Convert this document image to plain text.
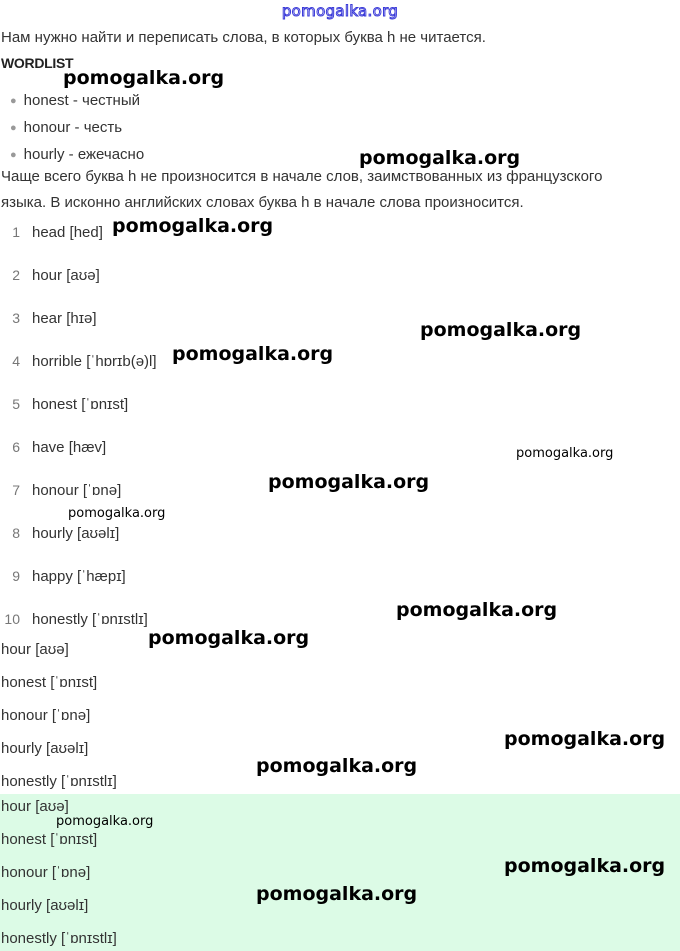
pomogalka.org
Нам нужно найти и переписать слова, в которых буква h не читается.
WORDLIST
● honest - честный
● honour - честь
● hourly - ежечасно
Чаще всего буква h не произносится в начале слов, заимствованных из французского
языка. В исконно английских словах буква h в начале слова произносится.
1 head [hed]
2 hour [aʊə]
3 hear [hɪə]
4 horrible [ˈhɒrɪb(ə)l]
5 honest [ˈɒnɪst]
6 have [hæv]
7 honour [ˈɒnə]
8 hourly [aʊəlɪ]
9 happy [ˈhæpɪ]
10 honestly [ˈɒnɪstlɪ]
hour [aʊə]
honest [ˈɒnɪst]
honour [ˈɒnə]
hourly [aʊəlɪ]
honestly [ˈɒnɪstlɪ]
hour [aʊə]
honest [ˈɒnɪst]
honour [ˈɒnə]
hourly [aʊəlɪ]
honestly [ˈɒnɪstlɪ]
pomogalka.org
pomogalka.org
pomogalka.org
pomogalka.org
pomogalka.org
pomogalka.org
pomogalka.org
pomogalka.org
pomogalka.org
pomogalka.org
pomogalka.org
pomogalka.org
pomogalka.org
pomogalka.org
pomogalka.org
